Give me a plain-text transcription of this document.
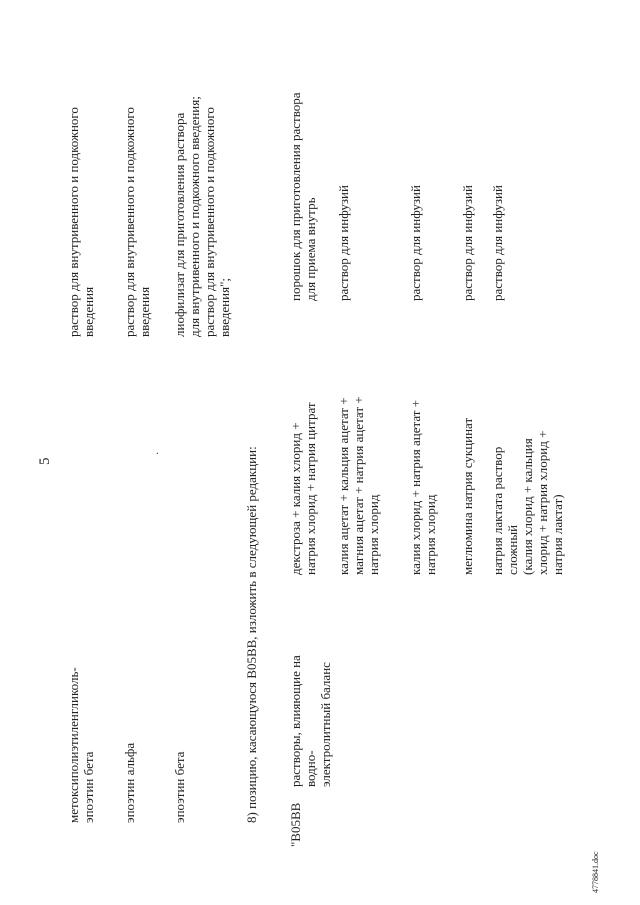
5
метоксиполиэтиленгликоль-
эпоэтин бета
раствор для внутривенного и подкожного
введения
эпоэтин альфа
раствор для внутривенного и подкожного
введения
·
эпоэтин бета
лиофилизат для приготовления раствора
для внутривенного и подкожного введения;
раствор для внутривенного и подкожного
введения";
8) позицию, касающуюся B05BB, изложить в следующей редакции:
"B05BB
растворы, влияющие на водно-
электролитный баланс
декстроза + калия хлорид +
натрия хлорид + натрия цитрат
порошок для приготовления раствора
для приема внутрь
калия ацетат + кальция ацетат +
магния ацетат + натрия ацетат +
натрия хлорид
раствор для инфузий
калия хлорид + натрия ацетат +
натрия хлорид
раствор для инфузий
меглюмина натрия сукцинат
раствор для инфузий
натрия лактата раствор
сложный
(калия хлорид + кальция
хлорид + натрия хлорид +
натрия лактат)
раствор для инфузий
4778841.doc
